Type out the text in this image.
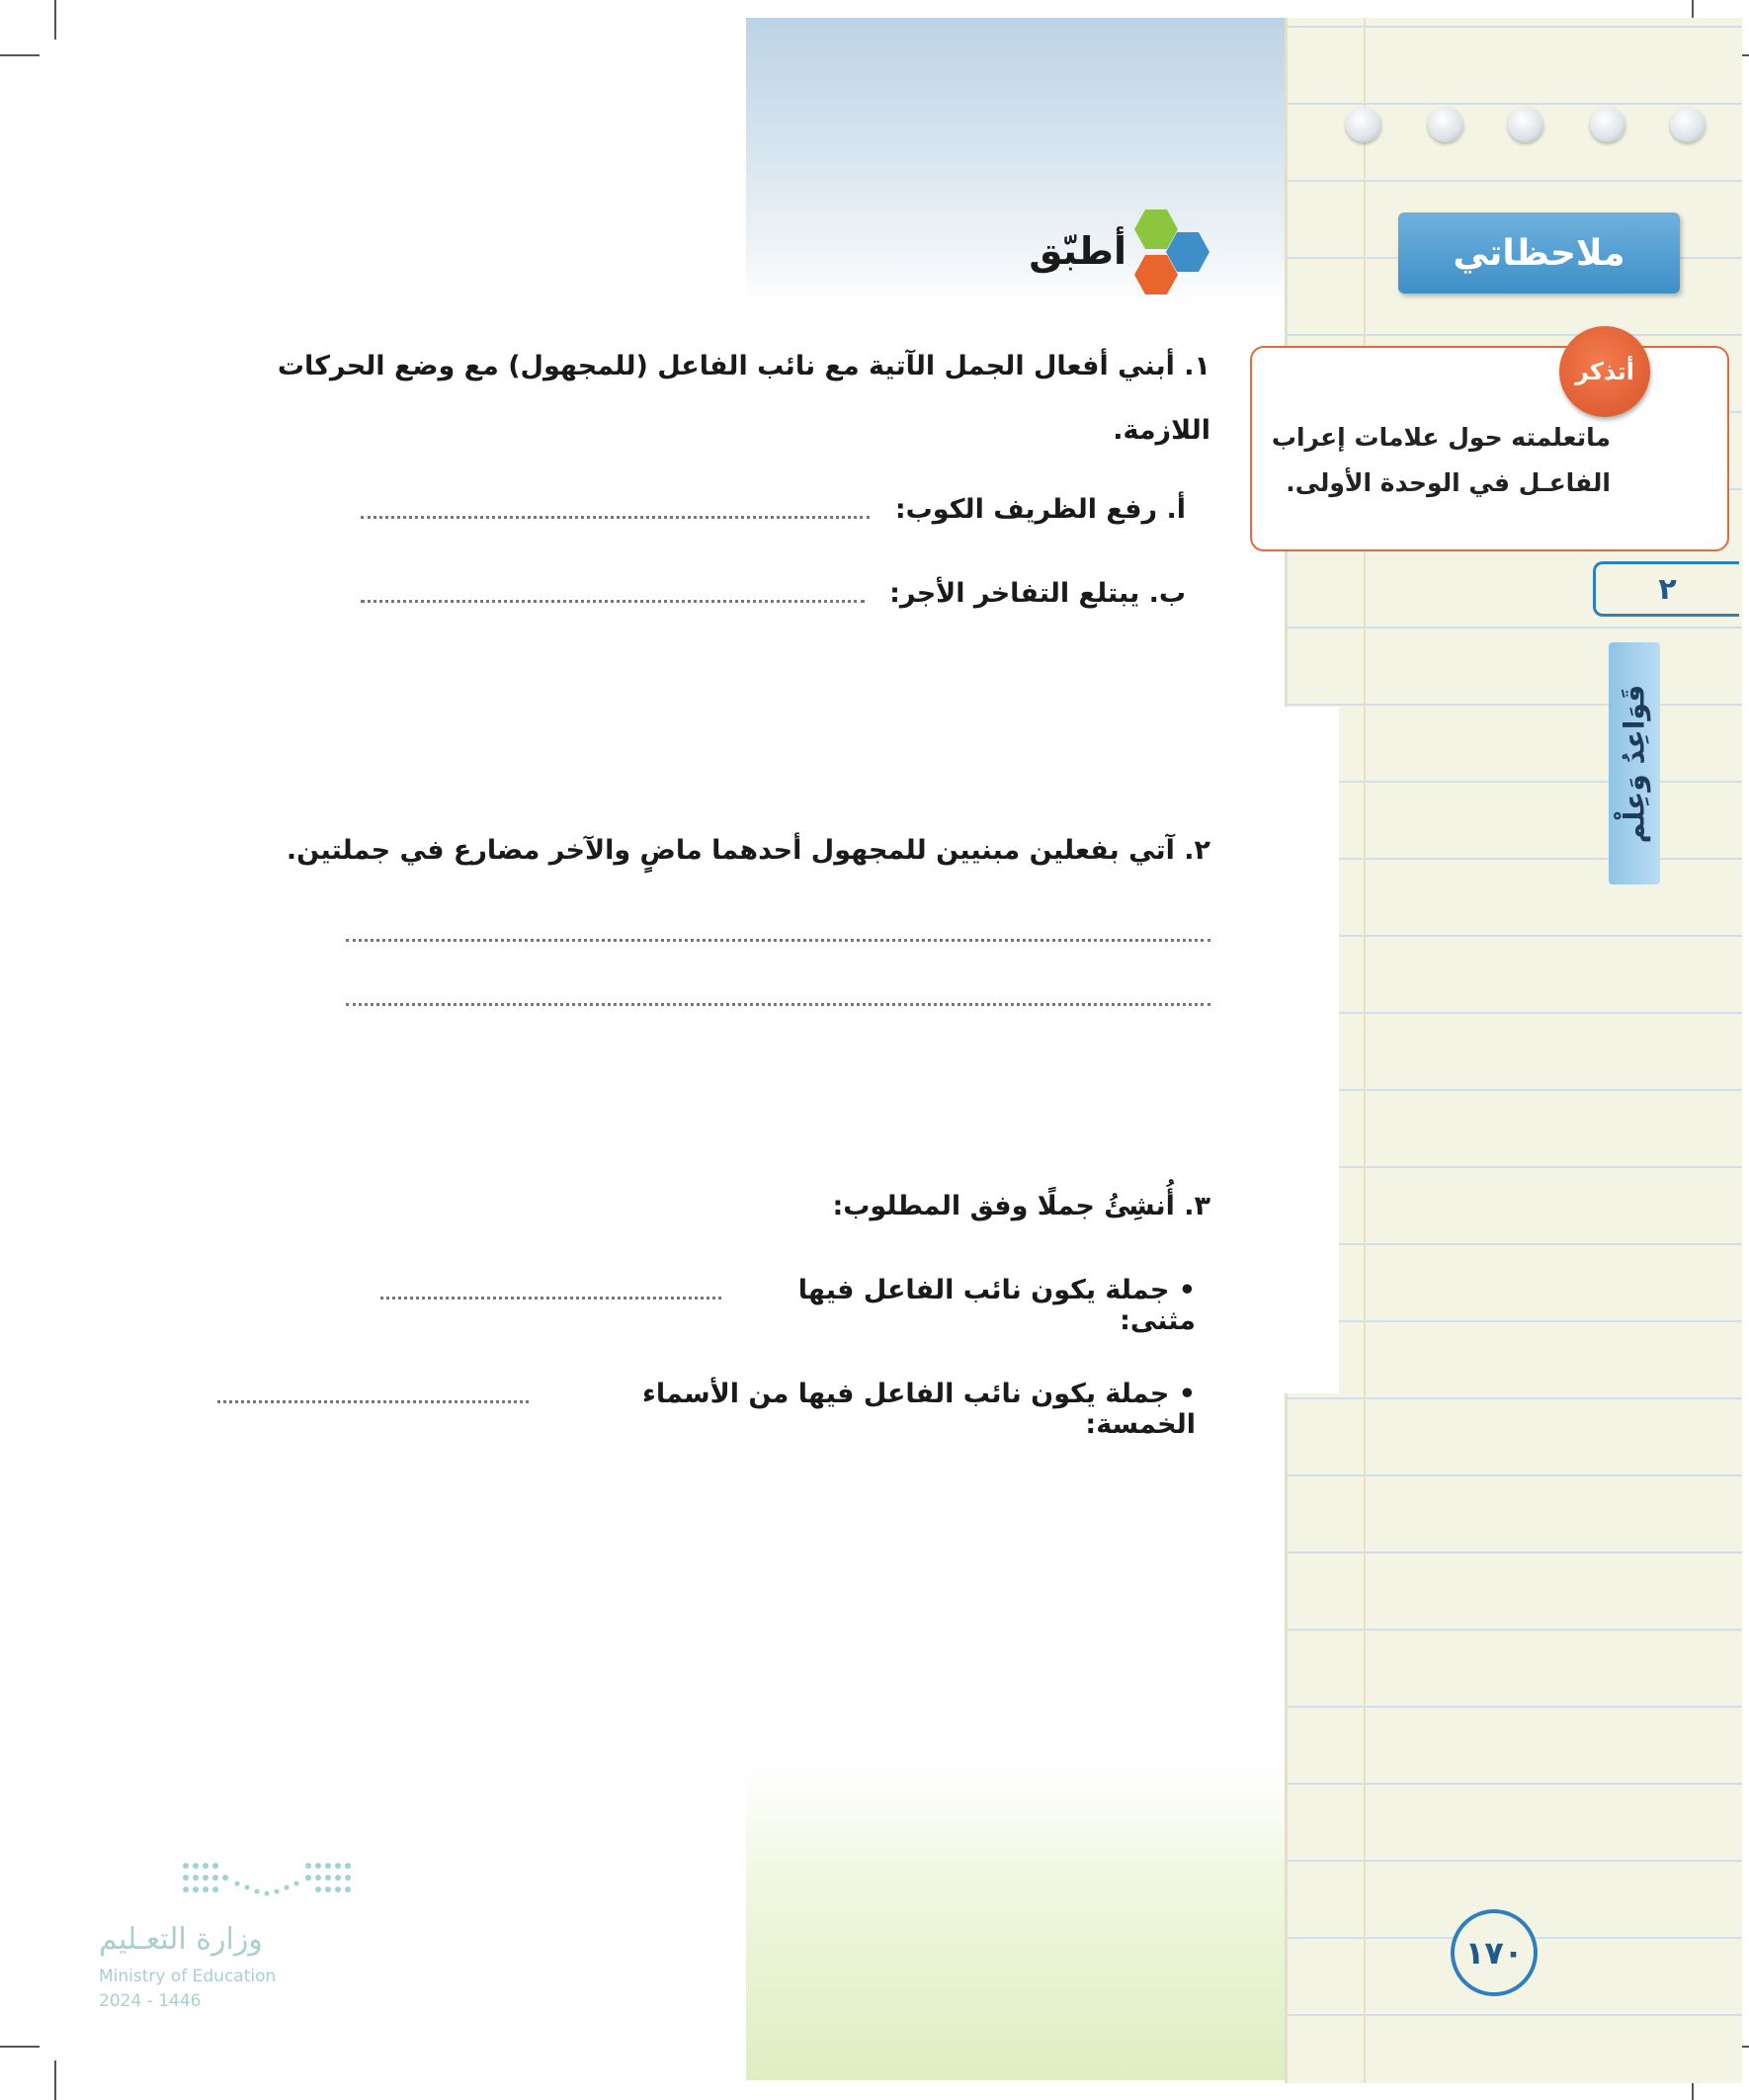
ملاحظاتي
أتذكر
ماتعلمته حول علامات إعراب
الفاعـل في الوحدة الأولى.
٢
قَوَاعِدُ وَعِلْم
أطبّق
١. أبني أفعال الجمل الآتية مع نائب الفاعل (للمجهول) مع وضع الحركات
اللازمة.
أ. رفع الظريف الكوب:
ب. يبتلع التفاخر الأجر:
٢. آتي بفعلين مبنيين للمجهول أحدهما ماضٍ والآخر مضارع في جملتين.
٣. أُنشِئُ جملًا وفق المطلوب:
• جملة يكون نائب الفاعل فيها مثنى:
• جملة يكون نائب الفاعل فيها من الأسماء الخمسة:
١٧٠
وزارة التعـليم
Ministry of Education
2024 - 1446
